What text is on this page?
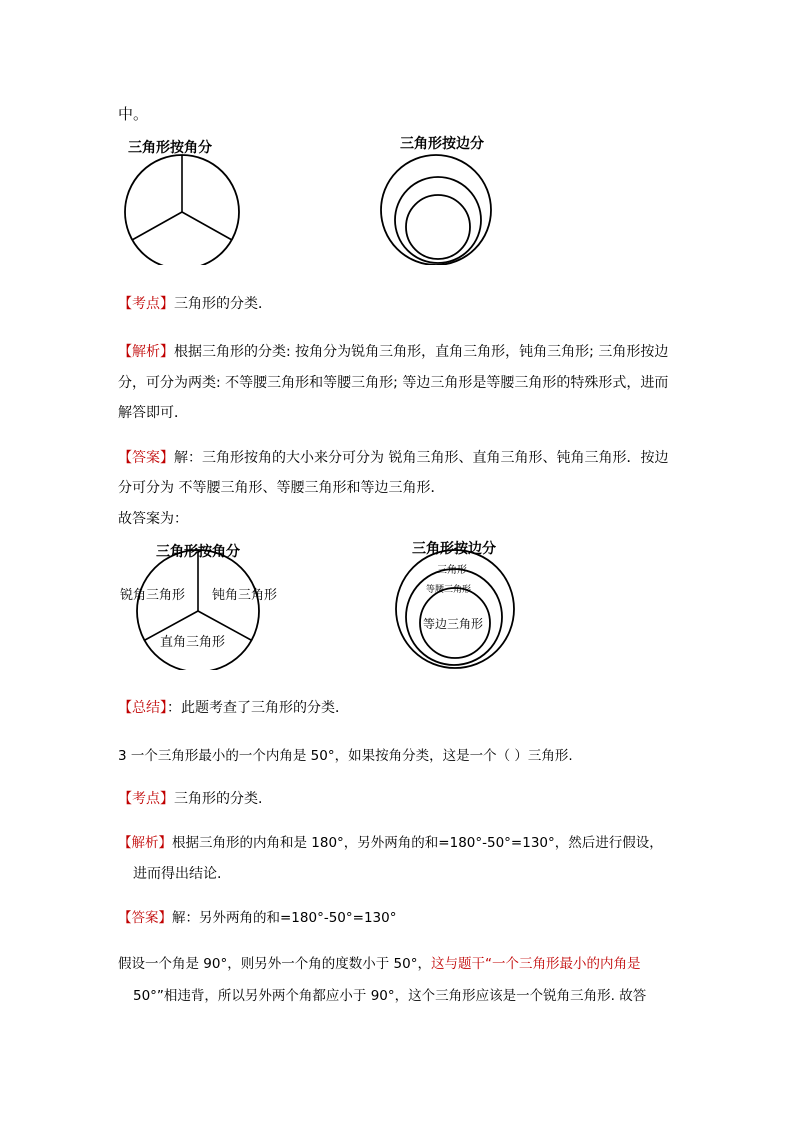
中。
三角形按角分	三角形按边分
【考点】三角形的分类．
【解析】根据三角形的分类: 按角分为锐角三角形，直角三角形，钝角三角形; 三角形按边
分，可分为两类: 不等腰三角形和等腰三角形; 等边三角形是等腰三角形的特殊形式，进而
解答即可．
【答案】解：三角形按角的大小来分可分为 锐角三角形、直角三角形、钝角三角形．按边
分可分为 不等腰三角形、等腰三角形和等边三角形．
故答案为：
三角形按角分
锐角三角形 钝角三角形
直角三角形
三角形按边分
三角形
等腰三角形
等边三角形
【总结】：此题考查了三角形的分类．
3 一个三角形最小的一个内角是 50°，如果按角分类，这是一个（ ）三角形.
【考点】三角形的分类.
【解析】根据三角形的内角和是 180°，另外两角的和=180°-50°=130°，然后进行假设，
进而得出结论.
【答案】解：另外两角的和=180°-50°=130°
假设一个角是 90°，则另外一个角的度数小于 50°，这与题干“一个三角形最小的内角是
50°”相违背，所以另外两个角都应小于 90°，这个三角形应该是一个锐角三角形. 故答
